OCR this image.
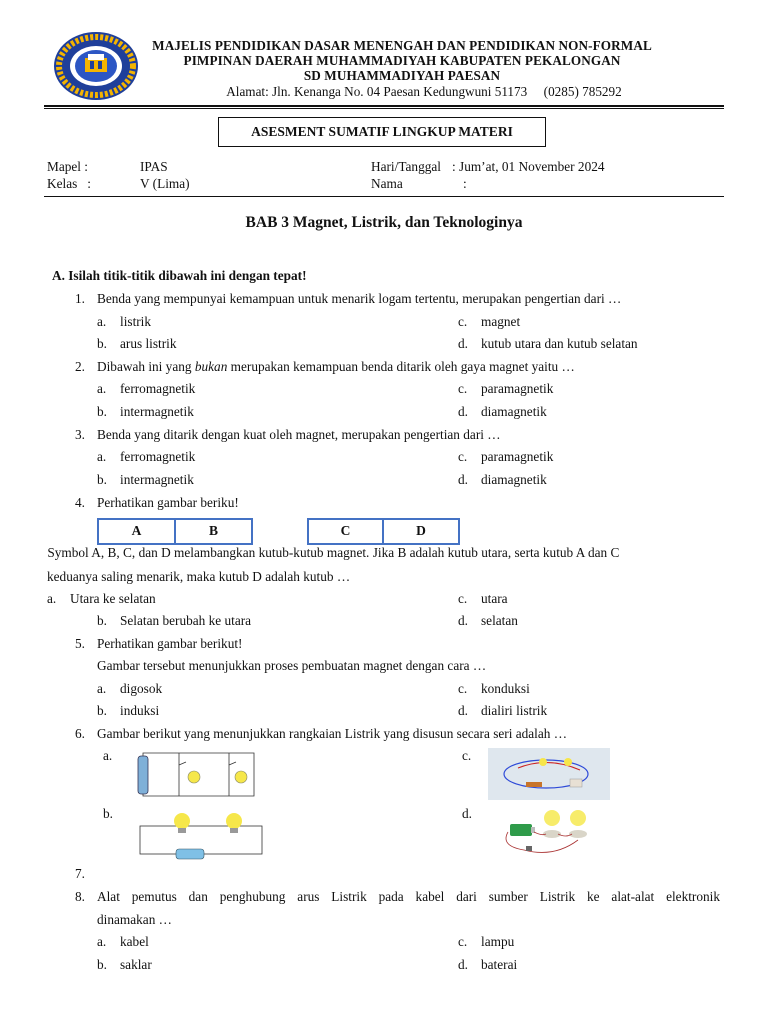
MAJELIS PENDIDIKAN DASAR MENENGAH DAN PENDIDIKAN NON-FORMAL
PIMPINAN DAERAH MUHAMMADIYAH KABUPATEN PEKALONGAN
SD MUHAMMADIYAH PAESAN
Alamat: Jln. Kenanga No. 04 Paesan Kedungwuni 51173     (0285) 785292
ASESMENT SUMATIF LINGKUP MATERI
Mapel :	IPAS
Kelas   :	V (Lima)
Hari/Tanggal : Jum’at, 01 November 2024
Nama	:
BAB 3 Magnet, Listrik, dan Teknologinya
A. Isilah titik-titik dibawah ini dengan tepat!
1. Benda yang mempunyai kemampuan untuk menarik logam tertentu, merupakan pengertian dari …
a. listrik
b. arus listrik
c. magnet
d. kutub utara dan kutub selatan
2. Dibawah ini yang bukan merupakan kemampuan benda ditarik oleh gaya magnet yaitu …
a. ferromagnetik
b. intermagnetik
c. paramagnetik
d. diamagnetik
3. Benda yang ditarik dengan kuat oleh magnet, merupakan pengertian dari …
a. ferromagnetik
b. intermagnetik
c. paramagnetik
d. diamagnetik
4. Perhatikan gambar beriku!
A	B	C	D
Symbol A, B, C, dan D melambangkan kutub-kutub magnet. Jika B adalah kutub utara, serta kutub A dan C
keduanya saling menarik, maka kutub D adalah kutub …
a. Utara ke selatan
b. Selatan berubah ke utara
c. utara
d. selatan
5. Perhatikan gambar berikut!
Gambar tersebut menunjukkan proses pembuatan magnet dengan cara …
a. digosok
b. induksi
c. konduksi
d. dialiri listrik
6. Gambar berikut yang menunjukkan rangkaian Listrik yang disusun secara seri adalah …
a.	c.
b.	d.
7.
8. Alat pemutus dan penghubung arus Listrik pada kabel dari sumber Listrik ke alat-alat elektronik
dinamakan …
a. kabel
b. saklar
c. lampu
d. baterai
